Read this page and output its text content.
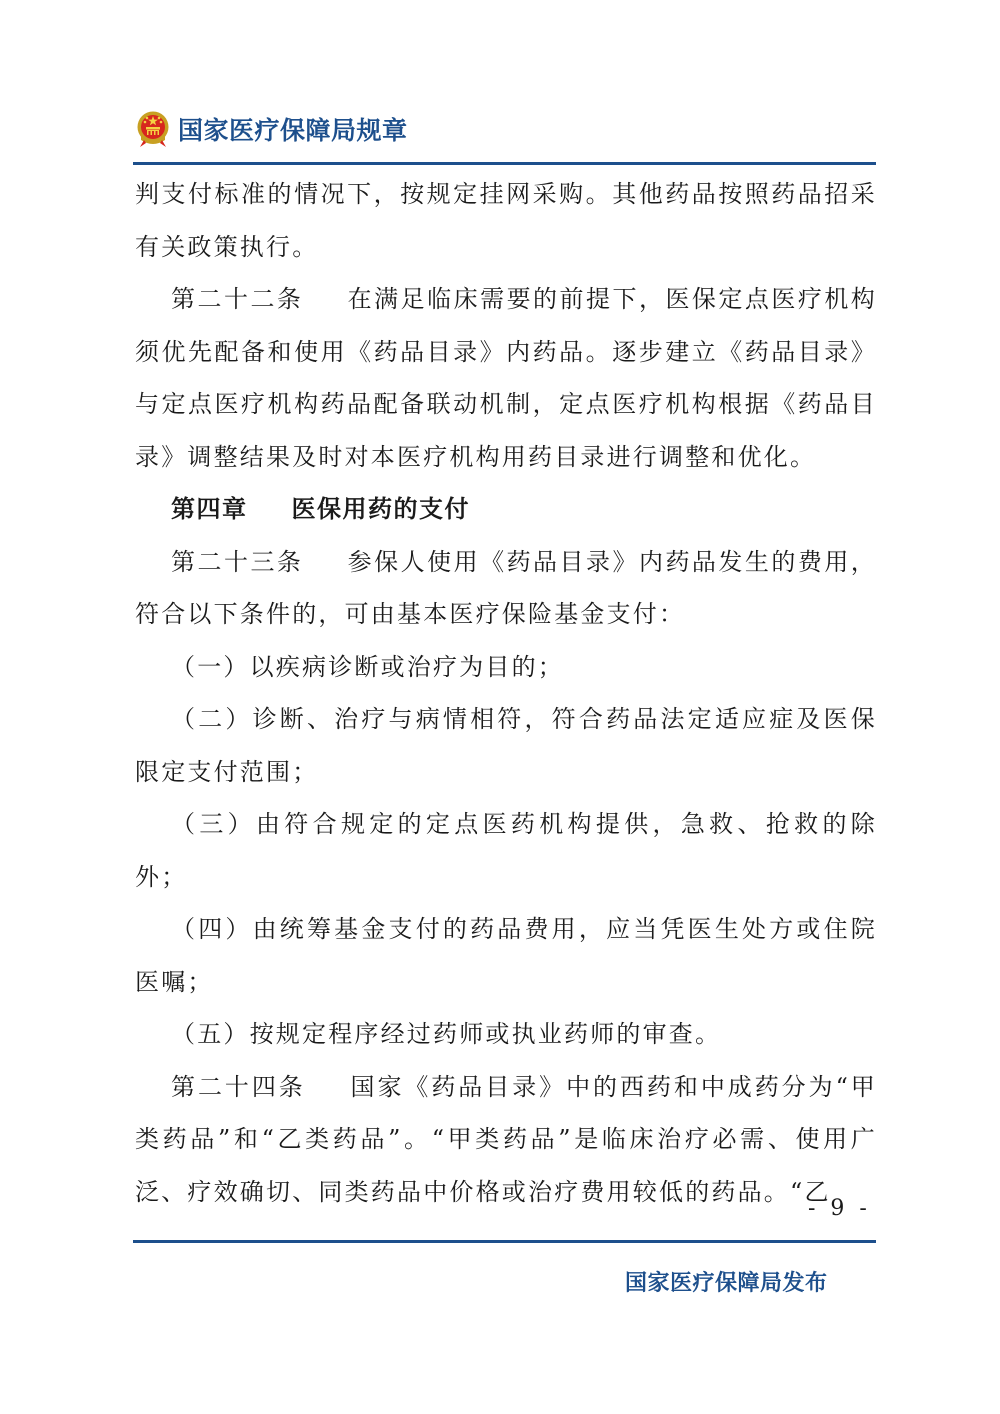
国家医疗保障局规章

判支付标准的情况下，按规定挂网采购。其他药品按照药品招采有关政策执行。

第二十二条 在满足临床需要的前提下，医保定点医疗机构须优先配备和使用《药品目录》内药品。逐步建立《药品目录》与定点医疗机构药品配备联动机制，定点医疗机构根据《药品目录》调整结果及时对本医疗机构用药目录进行调整和优化。

第四章 医保用药的支付

第二十三条 参保人使用《药品目录》内药品发生的费用，符合以下条件的，可由基本医疗保险基金支付：

（一）以疾病诊断或治疗为目的；

（二）诊断、治疗与病情相符，符合药品法定适应症及医保限定支付范围；

（三）由符合规定的定点医药机构提供，急救、抢救的除外；

（四）由统筹基金支付的药品费用，应当凭医生处方或住院医嘱；

（五）按规定程序经过药师或执业药师的审查。

第二十四条 国家《药品目录》中的西药和中成药分为“甲类药品”和“乙类药品”。“甲类药品”是临床治疗必需、使用广泛、疗效确切、同类药品中价格或治疗费用较低的药品。“乙

- 9 -
国家医疗保障局发布
